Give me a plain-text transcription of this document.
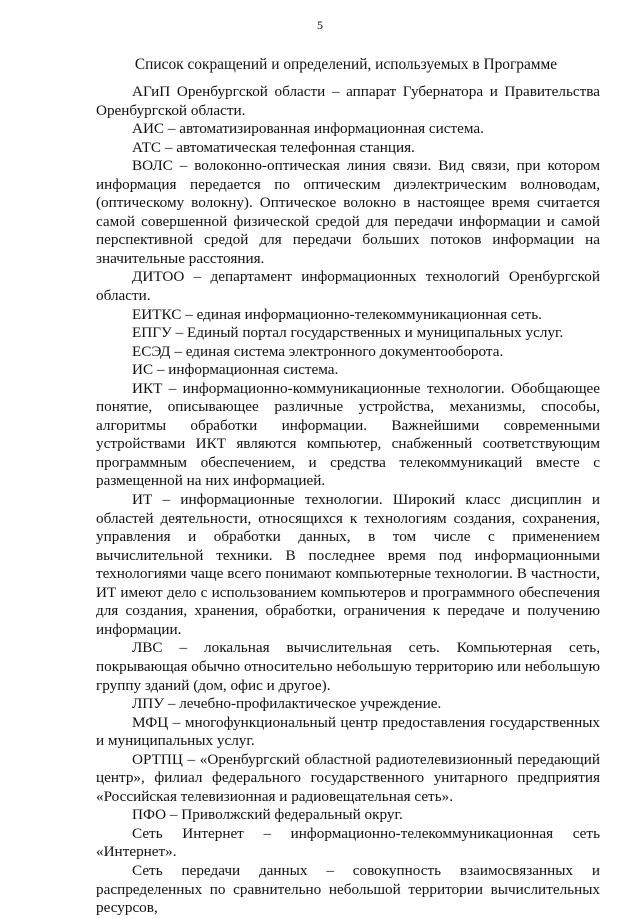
5
Список сокращений и определений, используемых в Программе

АГиП Оренбургской области – аппарат Губернатора и Правительства Оренбургской области.

АИС – автоматизированная информационная система.

АТС – автоматическая телефонная станция.

ВОЛС – волоконно-оптическая линия связи. Вид связи, при котором информация передается по оптическим диэлектрическим волноводам, (оптическому волокну). Оптическое волокно в настоящее время считается самой совершенной физической средой для передачи информации и самой перспективной средой для передачи больших потоков информации на значительные расстояния.

ДИТОО – департамент информационных технологий Оренбургской области.

ЕИТКС – единая информационно-телекоммуникационная сеть.

ЕПГУ – Единый портал государственных и муниципальных услуг.

ЕСЭД – единая система электронного документооборота.

ИС – информационная система.

ИКТ – информационно-коммуникационные технологии. Обобщающее понятие, описывающее различные устройства, механизмы, способы, алгоритмы обработки информации. Важнейшими современными устройствами ИКТ являются компьютер, снабженный соответствующим программным обеспечением, и средства телекоммуникаций вместе с размещенной на них информацией.

ИТ – информационные технологии. Широкий класс дисциплин и областей деятельности, относящихся к технологиям создания, сохранения, управления и обработки данных, в том числе с применением вычислительной техники. В последнее время под информационными технологиями чаще всего понимают компьютерные технологии. В частности, ИТ имеют дело с использованием компьютеров и программного обеспечения для создания, хранения, обработки, ограничения к передаче и получению информации.

ЛВС – локальная вычислительная сеть. Компьютерная сеть, покрывающая обычно относительно небольшую территорию или небольшую группу зданий (дом, офис и другое).

ЛПУ – лечебно-профилактическое учреждение.

МФЦ – многофункциональный центр предоставления государственных и муниципальных услуг.

ОРТПЦ – «Оренбургский областной радиотелевизионный передающий центр», филиал федерального государственного унитарного предприятия «Российская телевизионная и радиовещательная сеть».

ПФО – Приволжский федеральный округ.

Сеть Интернет – информационно-телекоммуникационная сеть «Интернет».

Сеть передачи данных – совокупность взаимосвязанных и распределенных по сравнительно небольшой территории вычислительных ресурсов,
